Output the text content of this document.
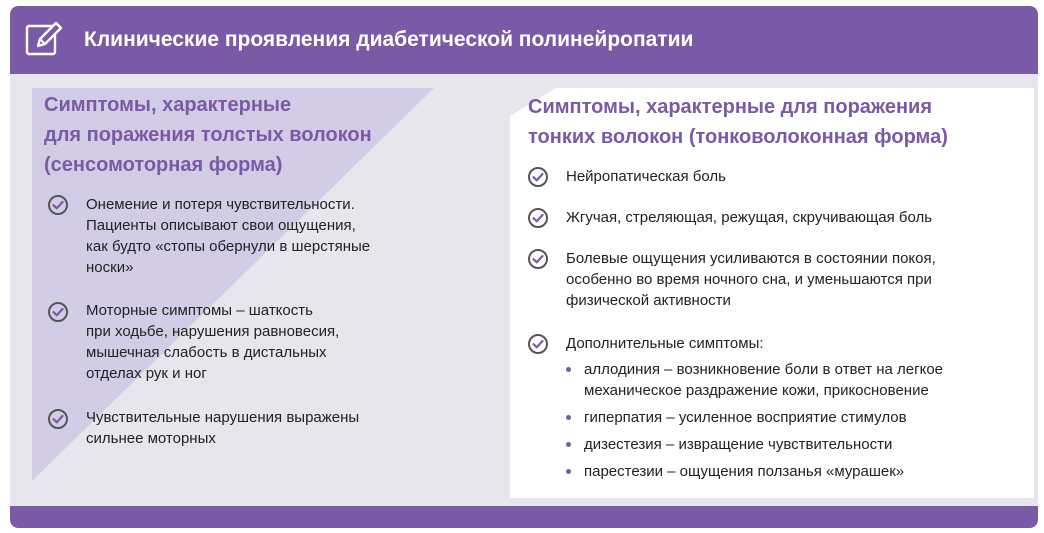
Клинические проявления диабетической полинейропатии
Симптомы, характерные
для поражения толстых волокон
(сенсомоторная форма)
Онемение и потеря чувствительности.
Пациенты описывают свои ощущения,
как будто «стопы обернули в шерстяные
носки»
Моторные симптомы – шаткость
при ходьбе, нарушения равновесия,
мышечная слабость в дистальных
отделах рук и ног
Чувствительные нарушения выражены
сильнее моторных
Симптомы, характерные для поражения
тонких волокон (тонковолоконная форма)
Нейропатическая боль
Жгучая, стреляющая, режущая, скручивающая боль
Болевые ощущения усиливаются в состоянии покоя,
особенно во время ночного сна, и уменьшаются при
физической активности
Дополнительные симптомы:
аллодиния – возникновение боли в ответ на легкое
механическое раздражение кожи, прикосновение
гиперпатия – усиленное восприятие стимулов
дизестезия – извращение чувствительности
парестезии – ощущения ползанья «мурашек»
